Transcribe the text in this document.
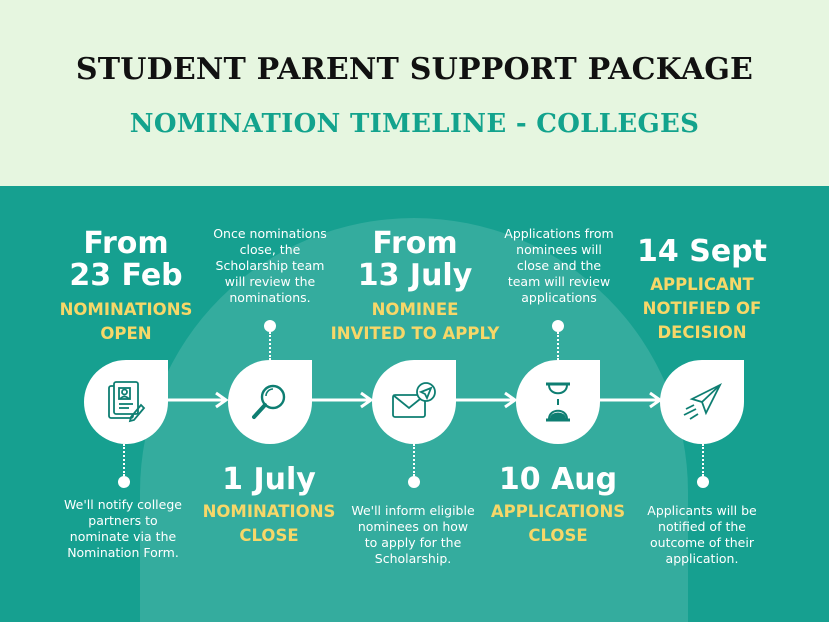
STUDENT PARENT SUPPORT PACKAGE
NOMINATION TIMELINE - COLLEGES
From
23 Feb
NOMINATIONS
OPEN
From
13 July
NOMINEE
INVITED TO APPLY
14 Sept
APPLICANT
NOTIFIED OF
DECISION
Once nominations
close, the
Scholarship team
will review the
nominations.
Applications from
nominees will
close and the
team will review
applications
1 July
NOMINATIONS
CLOSE
10 Aug
APPLICATIONS
CLOSE
We'll notify college
partners to
nominate via the
Nomination Form.
We'll inform eligible
nominees on how
to apply for the
Scholarship.
Applicants will be
notified of the
outcome of their
application.
